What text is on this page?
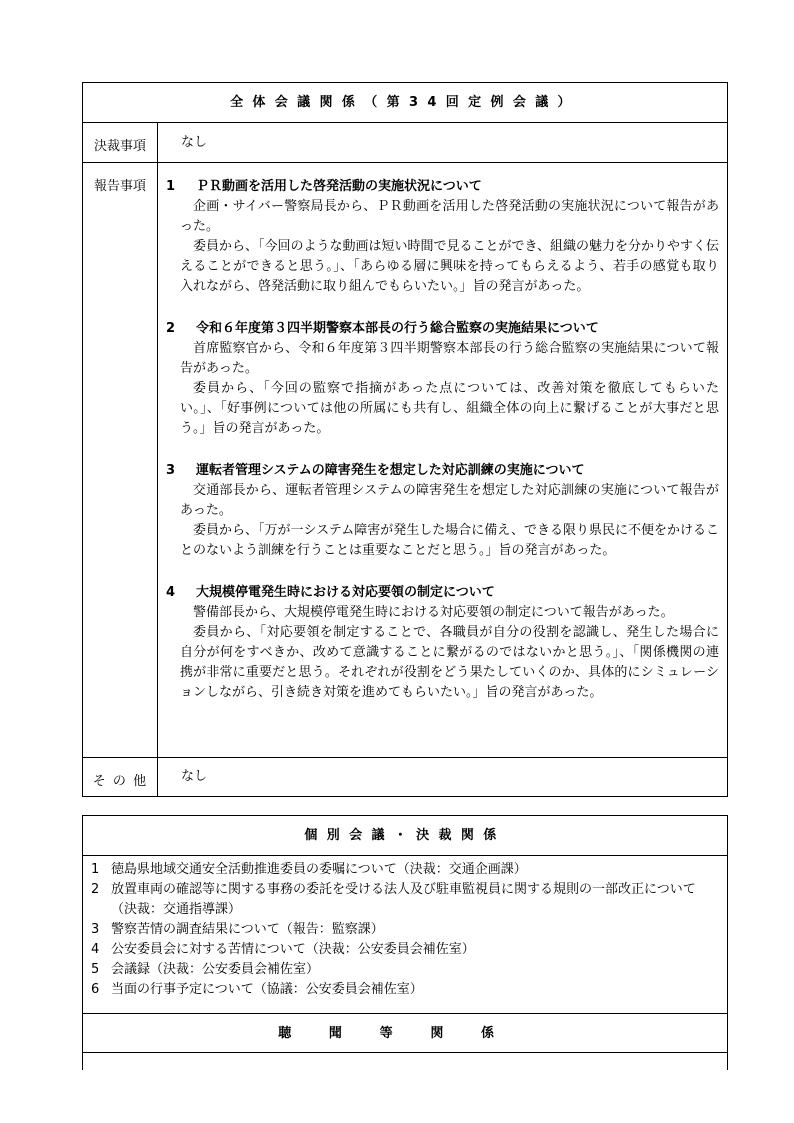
全体会議関係（第34回定例会議）
決裁事項	なし
報告事項	1	ＰＲ動画を活用した啓発活動の実施状況について

企画・サイバー警察局長から、ＰＲ動画を活用した啓発活動の実施状況について報告があった。

委員から、「今回のような動画は短い時間で見ることができ、組織の魅力を分かりやすく伝えることができると思う。」、「あらゆる層に興味を持ってもらえるよう、若手の感覚も取り入れながら、啓発活動に取り組んでもらいたい。」旨の発言があった。

2	令和６年度第３四半期警察本部長の行う総合監察の実施結果について

首席監察官から、令和６年度第３四半期警察本部長の行う総合監察の実施結果について報告があった。

委員から、「今回の監察で指摘があった点については、改善対策を徹底してもらいたい。」、「好事例については他の所属にも共有し、組織全体の向上に繋げることが大事だと思う。」旨の発言があった。

3	運転者管理システムの障害発生を想定した対応訓練の実施について

交通部長から、運転者管理システムの障害発生を想定した対応訓練の実施について報告があった。

委員から、「万が一システム障害が発生した場合に備え、できる限り県民に不便をかけることのないよう訓練を行うことは重要なことだと思う。」旨の発言があった。

4	大規模停電発生時における対応要領の制定について

警備部長から、大規模停電発生時における対応要領の制定について報告があった。

委員から、「対応要領を制定することで、各職員が自分の役割を認識し、発生した場合に自分が何をすべきか、改めて意識することに繋がるのではないかと思う。」、「関係機関の連携が非常に重要だと思う。それぞれが役割をどう果たしていくのか、具体的にシミュレーションしながら、引き続き対策を進めてもらいたい。」旨の発言があった。

その他	なし
個別会議・決裁関係
1 徳島県地域交通安全活動推進委員の委嘱について（決裁：交通企画課）
2 放置車両の確認等に関する事務の委託を受ける法人及び駐車監視員に関する規則の一部改正について（決裁：交通指導課）
3 警察苦情の調査結果について（報告：監察課）
4 公安委員会に対する苦情について（決裁：公安委員会補佐室）
5 会議録（決裁：公安委員会補佐室）
6 当面の行事予定について（協議：公安委員会補佐室）
聴聞等関係
